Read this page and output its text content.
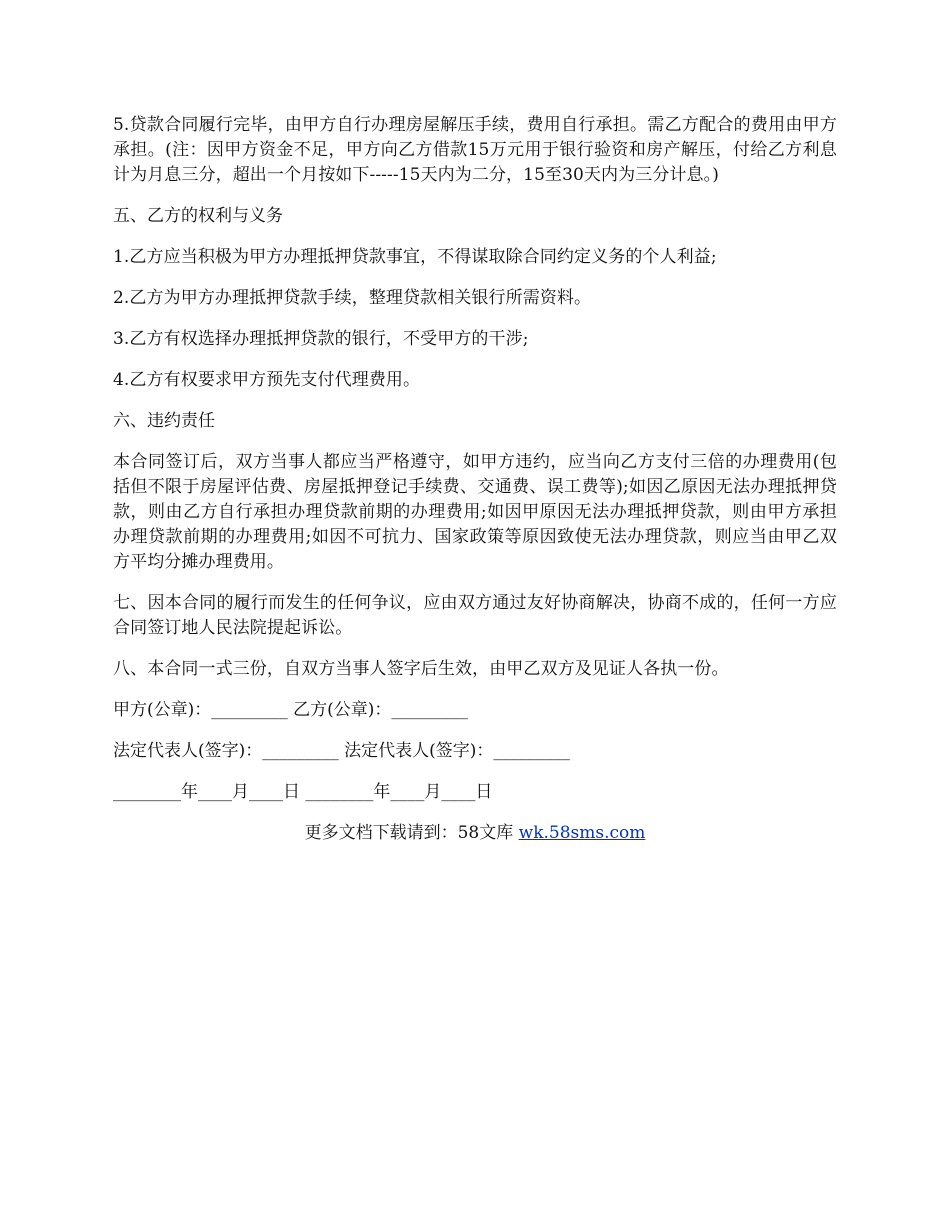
5.贷款合同履行完毕，由甲方自行办理房屋解压手续，费用自行承担。需乙方配合的费用由甲方承担。(注：因甲方资金不足，甲方向乙方借款15万元用于银行验资和房产解压，付给乙方利息计为月息三分，超出一个月按如下-----15天内为二分，15至30天内为三分计息。)

五、乙方的权利与义务

1.乙方应当积极为甲方办理抵押贷款事宜，不得谋取除合同约定义务的个人利益;

2.乙方为甲方办理抵押贷款手续，整理贷款相关银行所需资料。

3.乙方有权选择办理抵押贷款的银行，不受甲方的干涉;

4.乙方有权要求甲方预先支付代理费用。

六、违约责任

本合同签订后，双方当事人都应当严格遵守，如甲方违约，应当向乙方支付三倍的办理费用(包括但不限于房屋评估费、房屋抵押登记手续费、交通费、误工费等);如因乙原因无法办理抵押贷款，则由乙方自行承担办理贷款前期的办理费用;如因甲原因无法办理抵押贷款，则由甲方承担办理贷款前期的办理费用;如因不可抗力、国家政策等原因致使无法办理贷款，则应当由甲乙双方平均分摊办理费用。

七、因本合同的履行而发生的任何争议，应由双方通过友好协商解决，协商不成的，任何一方应合同签订地人民法院提起诉讼。

八、本合同一式三份，自双方当事人签字后生效，由甲乙双方及见证人各执一份。

甲方(公章)：_________ 乙方(公章)：_________

法定代表人(签字)：_________ 法定代表人(签字)：_________

________年____月____日 ________年____月____日

更多文档下载请到：58文库 wk.58sms.com
